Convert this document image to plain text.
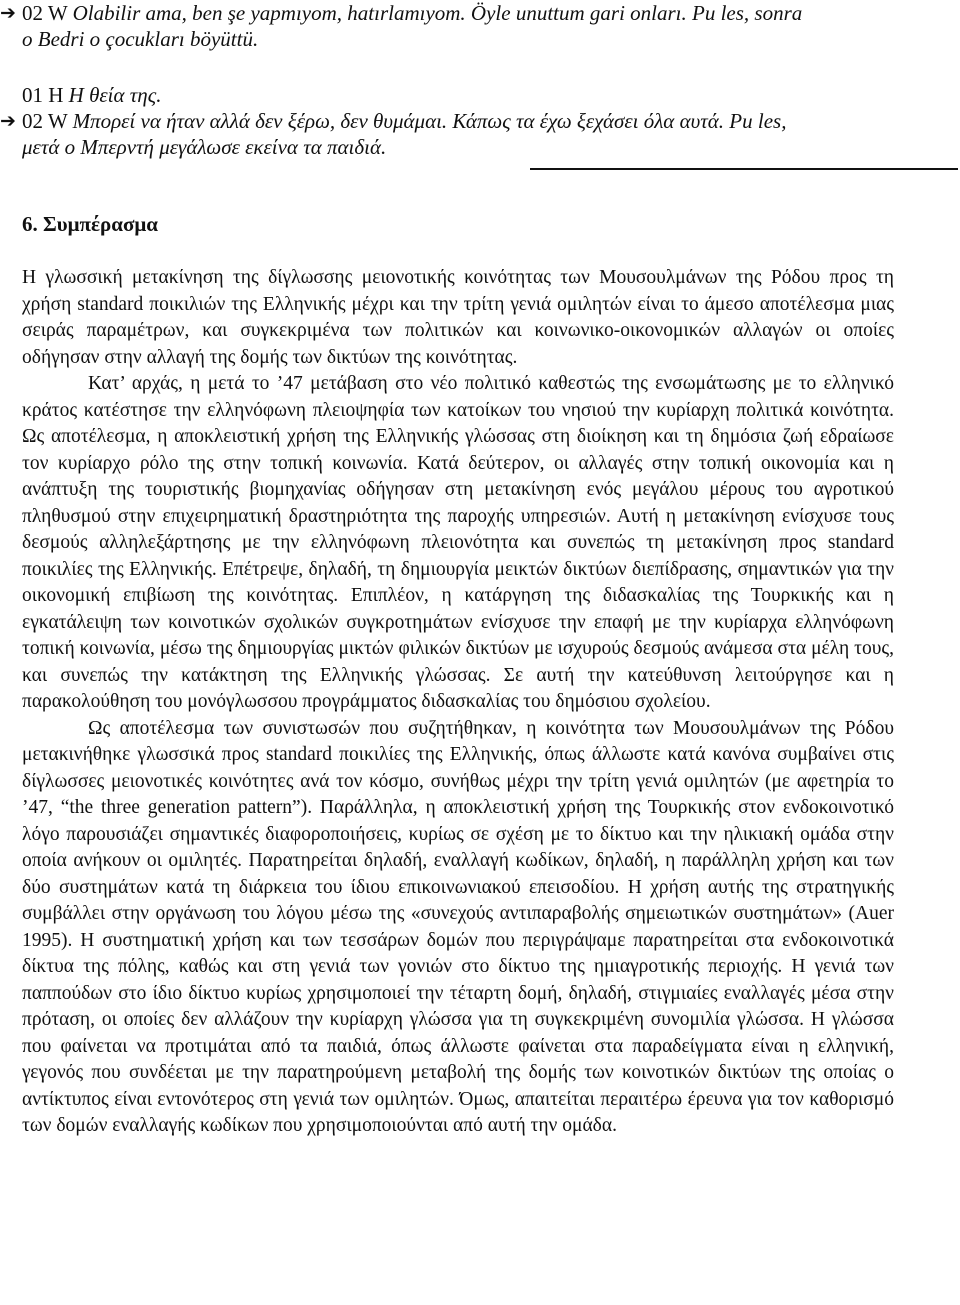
➔ 02 W Olabilir ama, ben şe yapmıyom, hatırlamıyom. Öyle unuttum gari onları. Pu les, sonra
o Bedri o çocukları böyüttü.
01 H Η θεία της.
➔ 02 W Μπορεί να ήταν αλλά δεν ξέρω, δεν θυμάμαι. Κάπως τα έχω ξεχάσει όλα αυτά. Pu les,
μετά ο Μπερντή μεγάλωσε εκείνα τα παιδιά.
6. Συμπέρασμα

Η γλωσσική μετακίνηση της δίγλωσσης μειονοτικής κοινότητας των Μουσουλμάνων της Ρόδου προς τη χρήση standard ποικιλιών της Ελληνικής μέχρι και την τρίτη γενιά ομιλητών είναι το άμεσο αποτέλεσμα μιας σειράς παραμέτρων, και συγκεκριμένα των πολιτικών και κοινωνικο-οικονομικών αλλαγών οι οποίες οδήγησαν στην αλλαγή της δομής των δικτύων της κοινότητας.

Κατ’ αρχάς, η μετά το ’47 μετάβαση στο νέο πολιτικό καθεστώς της ενσωμάτωσης με το ελληνικό κράτος κατέστησε την ελληνόφωνη πλειοψηφία των κατοίκων του νησιού την κυρίαρχη πολιτικά κοινότητα. Ως αποτέλεσμα, η αποκλειστική χρήση της Ελληνικής γλώσσας στη διοίκηση και τη δημόσια ζωή εδραίωσε τον κυρίαρχο ρόλο της στην τοπική κοινωνία. Κατά δεύτερον, οι αλλαγές στην τοπική οικονομία και η ανάπτυξη της τουριστικής βιομηχανίας οδήγησαν στη μετακίνηση ενός μεγάλου μέρους του αγροτικού πληθυσμού στην επιχειρηματική δραστηριότητα της παροχής υπηρεσιών. Αυτή η μετακίνηση ενίσχυσε τους δεσμούς αλληλεξάρτησης με την ελληνόφωνη πλειονότητα και συνεπώς τη μετακίνηση προς standard ποικιλίες της Ελληνικής. Επέτρεψε, δηλαδή, τη δημιουργία μεικτών δικτύων διεπίδρασης, σημαντικών για την οικονομική επιβίωση της κοινότητας. Επιπλέον, η κατάργηση της διδασκαλίας της Τουρκικής και η εγκατάλειψη των κοινοτικών σχολικών συγκροτημάτων ενίσχυσε την επαφή με την κυρίαρχα ελληνόφωνη τοπική κοινωνία, μέσω της δημιουργίας μικτών φιλικών δικτύων με ισχυρούς δεσμούς ανάμεσα στα μέλη τους, και συνεπώς την κατάκτηση της Ελληνικής γλώσσας. Σε αυτή την κατεύθυνση λειτούργησε και η παρακολούθηση του μονόγλωσσου προγράμματος διδασκαλίας του δημόσιου σχολείου.

Ως αποτέλεσμα των συνιστωσών που συζητήθηκαν, η κοινότητα των Μουσουλμάνων της Ρόδου μετακινήθηκε γλωσσικά προς standard ποικιλίες της Ελληνικής, όπως άλλωστε κατά κανόνα συμβαίνει στις δίγλωσσες μειονοτικές κοινότητες ανά τον κόσμο, συνήθως μέχρι την τρίτη γενιά ομιλητών (με αφετηρία το ’47, “the three generation pattern”). Παράλληλα, η αποκλειστική χρήση της Τουρκικής στον ενδοκοινοτικό λόγο παρουσιάζει σημαντικές διαφοροποιήσεις, κυρίως σε σχέση με το δίκτυο και την ηλικιακή ομάδα στην οποία ανήκουν οι ομιλητές. Παρατηρείται δηλαδή, εναλλαγή κωδίκων, δηλαδή, η παράλληλη χρήση και των δύο συστημάτων κατά τη διάρκεια του ίδιου επικοινωνιακού επεισοδίου. Η χρήση αυτής της στρατηγικής συμβάλλει στην οργάνωση του λόγου μέσω της «συνεχούς αντιπαραβολής σημειωτικών συστημάτων» (Auer 1995). Η συστηματική χρήση και των τεσσάρων δομών που περιγράψαμε παρατηρείται στα ενδοκοινοτικά δίκτυα της πόλης, καθώς και στη γενιά των γονιών στο δίκτυο της ημιαγροτικής περιοχής. Η γενιά των παππούδων στο ίδιο δίκτυο κυρίως χρησιμοποιεί την τέταρτη δομή, δηλαδή, στιγμιαίες εναλλαγές μέσα στην πρόταση, οι οποίες δεν αλλάζουν την κυρίαρχη γλώσσα για τη συγκεκριμένη συνομιλία γλώσσα. Η γλώσσα που φαίνεται να προτιμάται από τα παιδιά, όπως άλλωστε φαίνεται στα παραδείγματα είναι η ελληνική, γεγονός που συνδέεται με την παρατηρούμενη μεταβολή της δομής των κοινοτικών δικτύων της οποίας ο αντίκτυπος είναι εντονότερος στη γενιά των ομιλητών. Όμως, απαιτείται περαιτέρω έρευνα για τον καθορισμό των δομών εναλλαγής κωδίκων που χρησιμοποιούνται από αυτή την ομάδα.
